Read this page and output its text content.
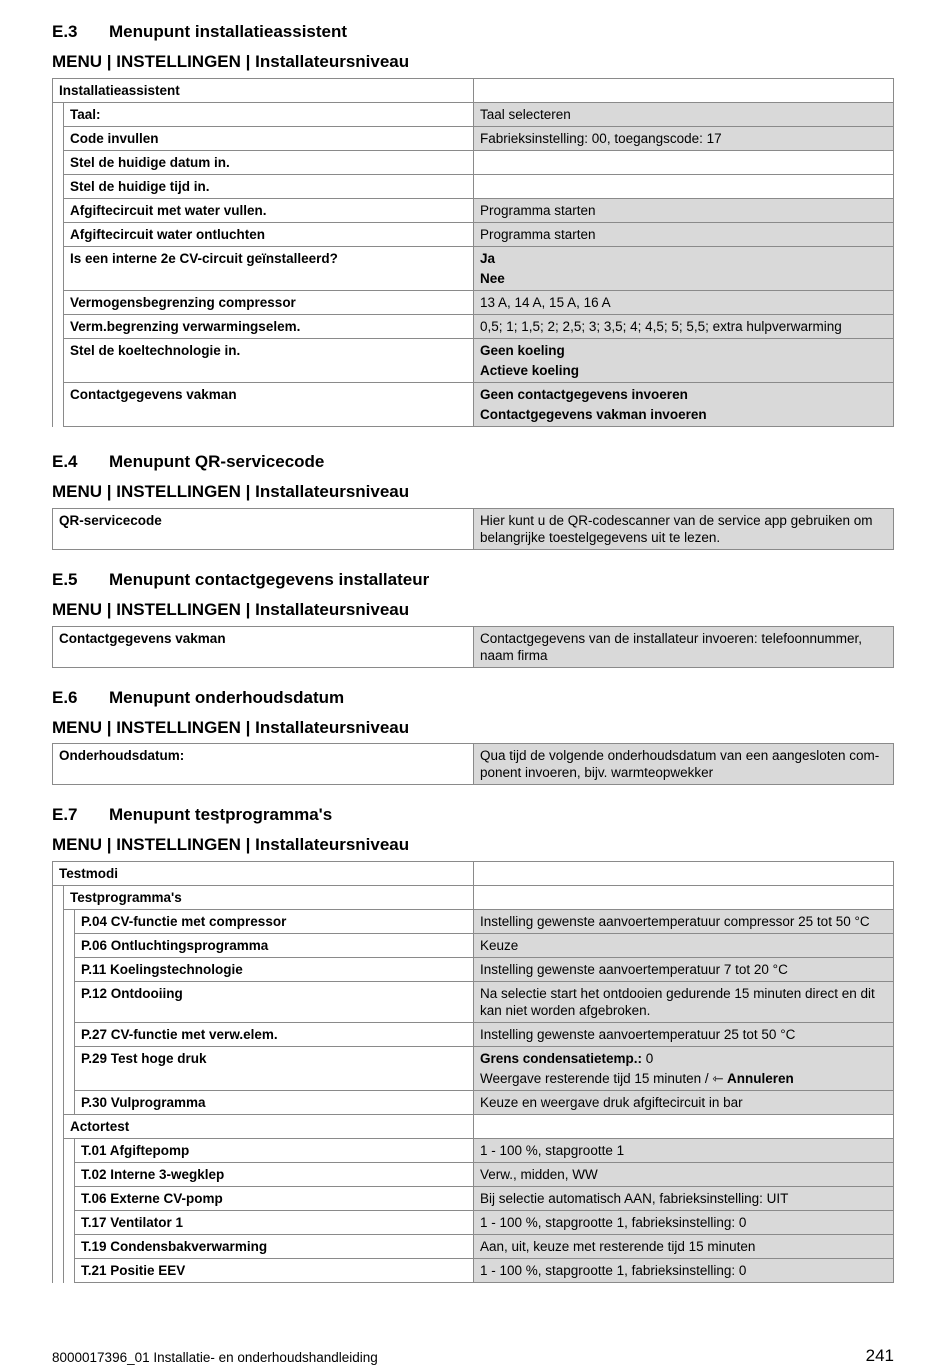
E.3 Menupunt installatieassistent
MENU | INSTELLINGEN | Installateursniveau
Installatieassistent		
	Taal:	Taal selecteren

	Code invullen	Fabrieksinstelling: 00, toegangscode: 17

	Stel de huidige datum in.	
	Stel de huidige tijd in.	
	Afgiftecircuit met water vullen.	Programma starten

	Afgiftecircuit water ontluchten	Programma starten

	Is een interne 2e CV-circuit geïnstalleerd?	Ja
Nee

	Vermogensbegrenzing compressor	13 A, 14 A, 15 A, 16 A

	Verm.begrenzing verwarmingselem.	0,5; 1; 1,5; 2; 2,5; 3; 3,5; 4; 4,5; 5; 5,5; extra hulpverwarming

	Stel de koeltechnologie in.	Geen koeling
Actieve koeling

	Contactgegevens vakman	Geen contactgegevens invoeren
Contactgegevens vakman invoeren
E.4 Menupunt QR-servicecode
MENU | INSTELLINGEN | Installateursniveau
QR-servicecode	Hier kunt u de QR-codescanner van de service app gebruiken om belangrijke toestelgegevens uit te lezen.
E.5 Menupunt contactgegevens installateur
MENU | INSTELLINGEN | Installateursniveau
Contactgegevens vakman	Contactgegevens van de installateur invoeren: telefoonnummer, naam firma
E.6 Menupunt onderhoudsdatum
MENU | INSTELLINGEN | Installateursniveau
Onderhoudsdatum:	Qua tijd de volgende onderhoudsdatum van een aangesloten com-ponent invoeren, bijv. warmteopwekker
E.7 Menupunt testprogramma's
MENU | INSTELLINGEN | Installateursniveau
Testmodi			
	Testprogramma's		
		P.04 CV-functie met compressor	Instelling gewenste aanvoertemperatuur compressor 25 tot 50 °C
		P.06 Ontluchtingsprogramma	Keuze
		P.11 Koelingstechnologie	Instelling gewenste aanvoertemperatuur 7 tot 20 °C
		P.12 Ontdooiing	Na selectie start het ontdooien gedurende 15 minuten direct en dit kan niet worden afgebroken.
		P.27 CV-functie met verw.elem.	Instelling gewenste aanvoertemperatuur 25 tot 50 °C
		P.29 Test hoge druk	Grens condensatietemp.: 0
Weergave resterende tijd 15 minuten / ⇽ Annuleren

		P.30 Vulprogramma	Keuze en weergave druk afgiftecircuit in bar
	Actortest		
		T.01 Afgiftepomp	1 - 100 %, stapgrootte 1
		T.02 Interne 3-wegklep	Verw., midden, WW
		T.06 Externe CV-pomp	Bij selectie automatisch AAN, fabrieksinstelling: UIT
		T.17 Ventilator 1	1 - 100 %, stapgrootte 1, fabrieksinstelling: 0
		T.19 Condensbakverwarming	Aan, uit, keuze met resterende tijd 15 minuten
		T.21 Positie EEV	1 - 100 %, stapgrootte 1, fabrieksinstelling: 0
8000017396_01 Installatie- en onderhoudshandleiding	241
